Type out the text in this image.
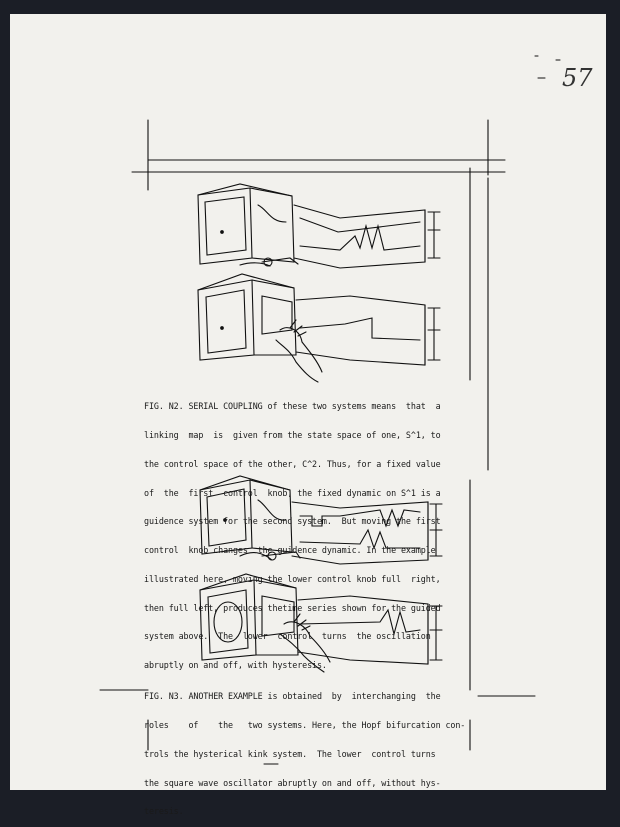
57

FIG. N2. SERIAL COUPLING of these two systems means  that  a

linking  map  is  given from the state space of one, S^1, to

the control space of the other, C^2. Thus, for a fixed value

of  the  first  control  knob, the fixed dynamic on S^1 is a

guidence system for the second system.  But moving the first

control  knob changes  the guidence dynamic. In the example

illustrated here, moving the lower control knob full  right,

then full left, produces thetime series shown for the guided

system above.  The  lower  control  turns  the oscillation

abruptly on and off, with hysteresis.

FIG. N3. ANOTHER EXAMPLE is obtained  by  interchanging  the

roles    of    the   two systems. Here, the Hopf bifurcation con-

trols the hysterical kink system.  The lower  control turns

the square wave oscillator abruptly on and off, without hys-

teresis.
